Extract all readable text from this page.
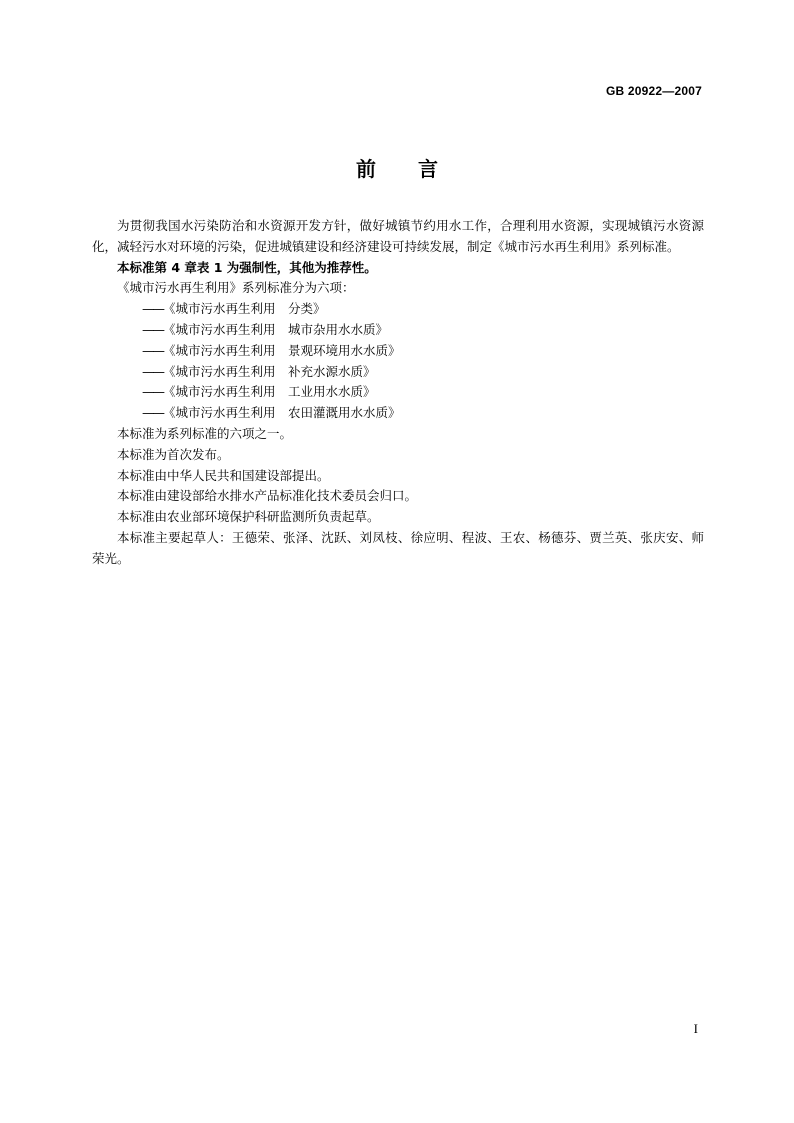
GB 20922—2007
前 言

为贯彻我国水污染防治和水资源开发方针，做好城镇节约用水工作，合理利用水资源，实现城镇污水资源化，减轻污水对环境的污染，促进城镇建设和经济建设可持续发展，制定《城市污水再生利用》系列标准。

本标准第 4 章表 1 为强制性，其他为推荐性。

《城市污水再生利用》系列标准分为六项：

——《城市污水再生利用　分类》

——《城市污水再生利用　城市杂用水水质》

——《城市污水再生利用　景观环境用水水质》

——《城市污水再生利用　补充水源水质》

——《城市污水再生利用　工业用水水质》

——《城市污水再生利用　农田灌溉用水水质》

本标准为系列标准的六项之一。

本标准为首次发布。

本标准由中华人民共和国建设部提出。

本标准由建设部给水排水产品标准化技术委员会归口。

本标准由农业部环境保护科研监测所负责起草。

本标准主要起草人：王德荣、张泽、沈跃、刘凤枝、徐应明、程波、王农、杨德芬、贾兰英、张庆安、师荣光。

I
